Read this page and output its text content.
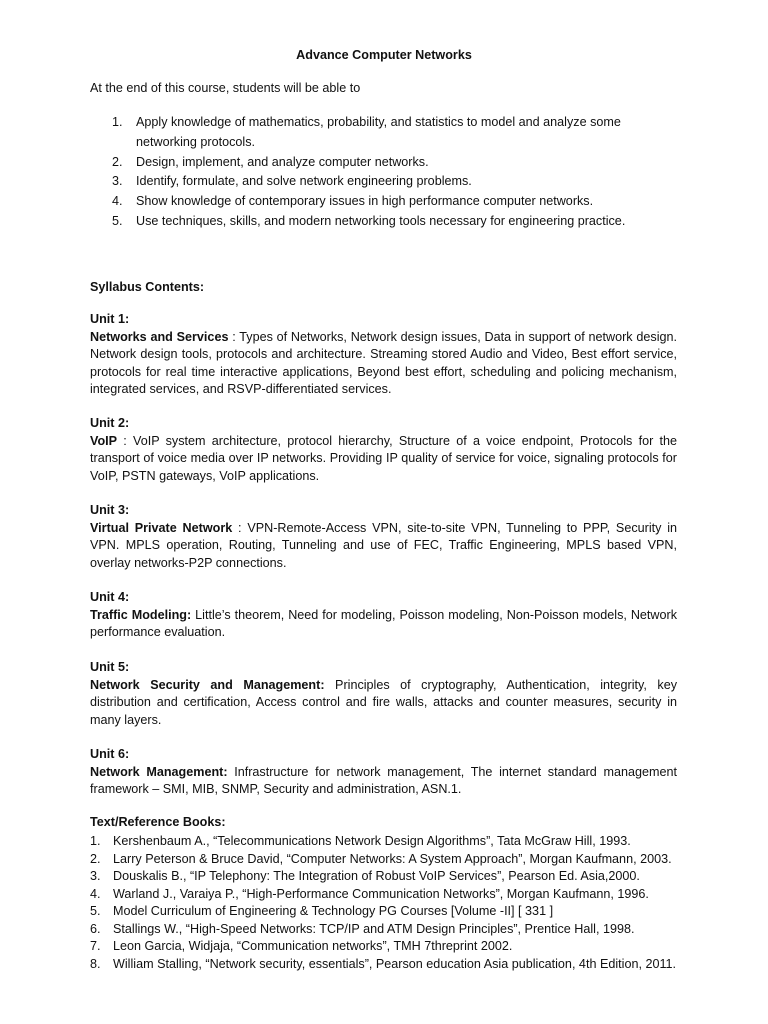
Advance Computer Networks
At the end of this course, students will be able to
1. Apply knowledge of mathematics, probability, and statistics to model and analyze some networking protocols.
2. Design, implement, and analyze computer networks.
3. Identify, formulate, and solve network engineering problems.
4. Show knowledge of contemporary issues in high performance computer networks.
5. Use techniques, skills, and modern networking tools necessary for engineering practice.
Syllabus Contents:
Unit 1:
Networks and Services : Types of Networks, Network design issues, Data in support of network design. Network design tools, protocols and architecture. Streaming stored Audio and Video, Best effort service, protocols for real time interactive applications, Beyond best effort, scheduling and policing mechanism, integrated services, and RSVP-differentiated services.
Unit 2:
VoIP : VoIP system architecture, protocol hierarchy, Structure of a voice endpoint, Protocols for the transport of voice media over IP networks. Providing IP quality of service for voice, signaling protocols for VoIP, PSTN gateways, VoIP applications.
Unit 3:
Virtual Private Network : VPN-Remote-Access VPN, site-to-site VPN, Tunneling to PPP, Security in VPN. MPLS operation, Routing, Tunneling and use of FEC, Traffic Engineering, MPLS based VPN, overlay networks-P2P connections.
Unit 4:
Traffic Modeling: Little’s theorem, Need for modeling, Poisson modeling, Non-Poisson models, Network performance evaluation.
Unit 5:
Network Security and Management: Principles of cryptography, Authentication, integrity, key distribution and certification, Access control and fire walls, attacks and counter measures, security in many layers.
Unit 6:
Network Management: Infrastructure for network management, The internet standard management framework – SMI, MIB, SNMP, Security and administration, ASN.1.
Text/Reference Books:
1. Kershenbaum A., “Telecommunications Network Design Algorithms”, Tata McGraw Hill, 1993.
2. Larry Peterson & Bruce David, “Computer Networks: A System Approach”, Morgan Kaufmann, 2003.
3. Douskalis B., “IP Telephony: The Integration of Robust VoIP Services”, Pearson Ed. Asia,2000.
4. Warland J., Varaiya P., “High-Performance Communication Networks”, Morgan Kaufmann, 1996.
5. Model Curriculum of Engineering & Technology PG Courses [Volume -II] [ 331 ]
6. Stallings W., “High-Speed Networks: TCP/IP and ATM Design Principles”, Prentice Hall, 1998.
7. Leon Garcia, Widjaja, “Communication networks”, TMH 7threprint 2002.
8. William Stalling, “Network security, essentials”, Pearson education Asia publication, 4th Edition, 2011.
